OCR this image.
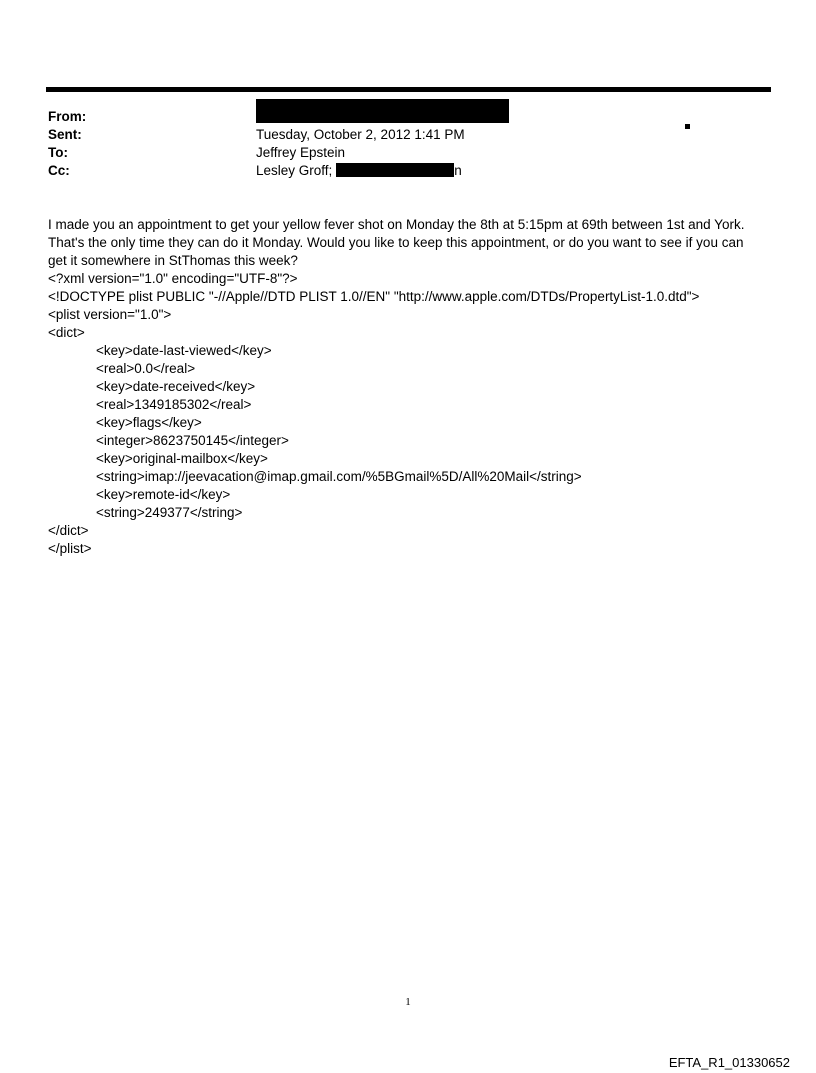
From:
Sent:	Tuesday, October 2, 2012 1:41 PM
To:	Jeffrey Epstein
Cc:	Lesley Groff;	n

I made you an appointment to get your yellow fever shot on Monday the 8th at 5:15pm at 69th between 1st and York. That's the only time they can do it Monday. Would you like to keep this appointment, or do you want to see if you can get it somewhere in StThomas this week?

<?xml version="1.0" encoding="UTF-8"?>
<!DOCTYPE plist PUBLIC "-//Apple//DTD PLIST 1.0//EN" "http://www.apple.com/DTDs/PropertyList-1.0.dtd">
<plist version="1.0">
<dict>
<key>date-last-viewed</key>
<real>0.0</real>
<key>date-received</key>
<real>1349185302</real>
<key>flags</key>
<integer>8623750145</integer>
<key>original-mailbox</key>
<string>imap://jeevacation@imap.gmail.com/%5BGmail%5D/All%20Mail</string>
<key>remote-id</key>
<string>249377</string>
</dict>
</plist>
1
EFTA_R1_01330652
